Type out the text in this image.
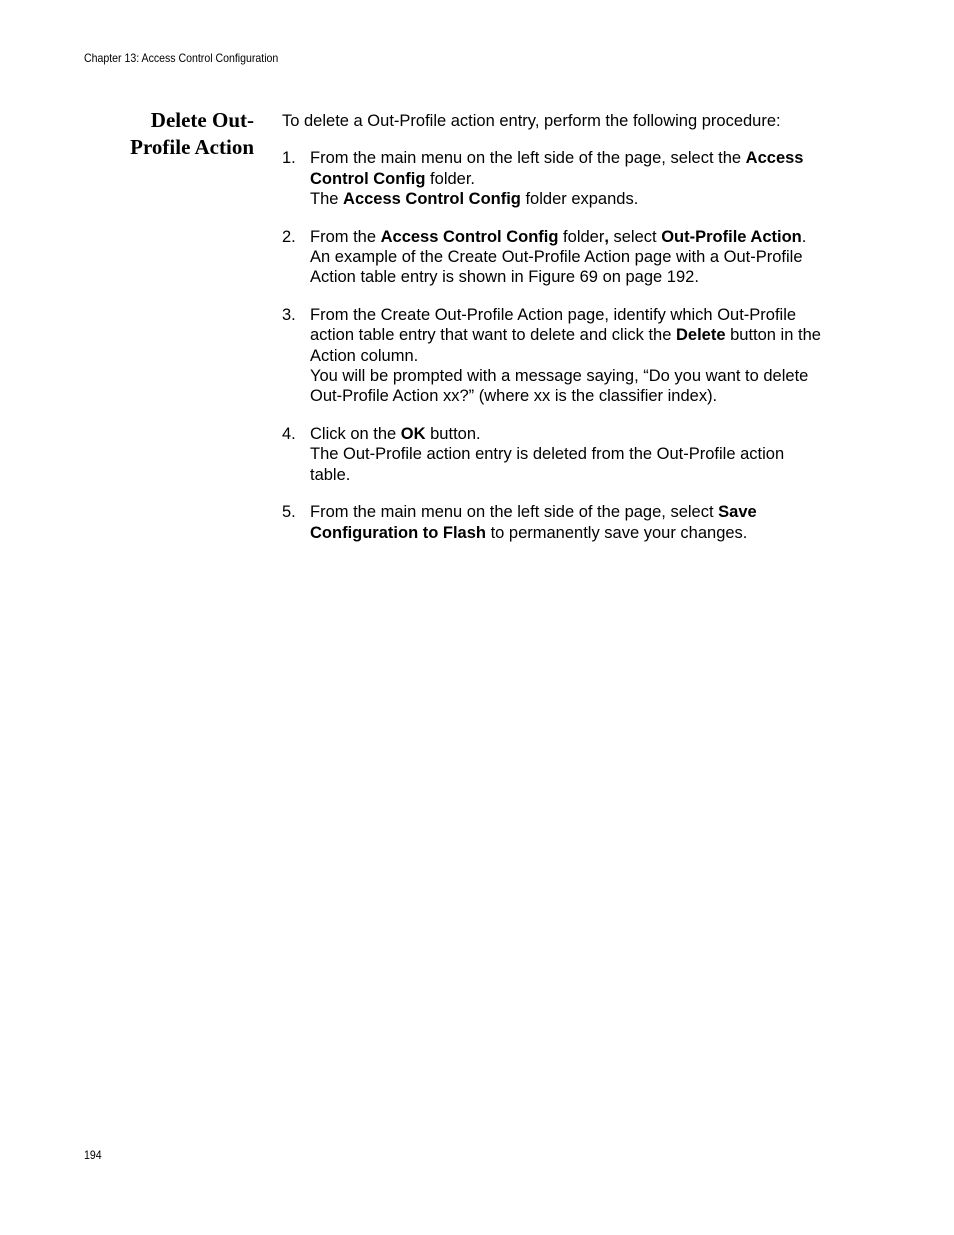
Chapter 13: Access Control Configuration
Delete Out-
Profile Action

To delete a Out-Profile action entry, perform the following procedure:

1. From the main menu on the left side of the page, select the Access
Control Config folder.
The Access Control Config folder expands.
2. From the Access Control Config folder, select Out-Profile Action.
An example of the Create Out-Profile Action page with a Out-Profile
Action table entry is shown in Figure 69 on page 192.
3. From the Create Out-Profile Action page, identify which Out-Profile
action table entry that want to delete and click the Delete button in the
Action column.
You will be prompted with a message saying, “Do you want to delete
Out-Profile Action xx?” (where xx is the classifier index).
4. Click on the OK button.
The Out-Profile action entry is deleted from the Out-Profile action
table.
5. From the main menu on the left side of the page, select Save
Configuration to Flash to permanently save your changes.
194
